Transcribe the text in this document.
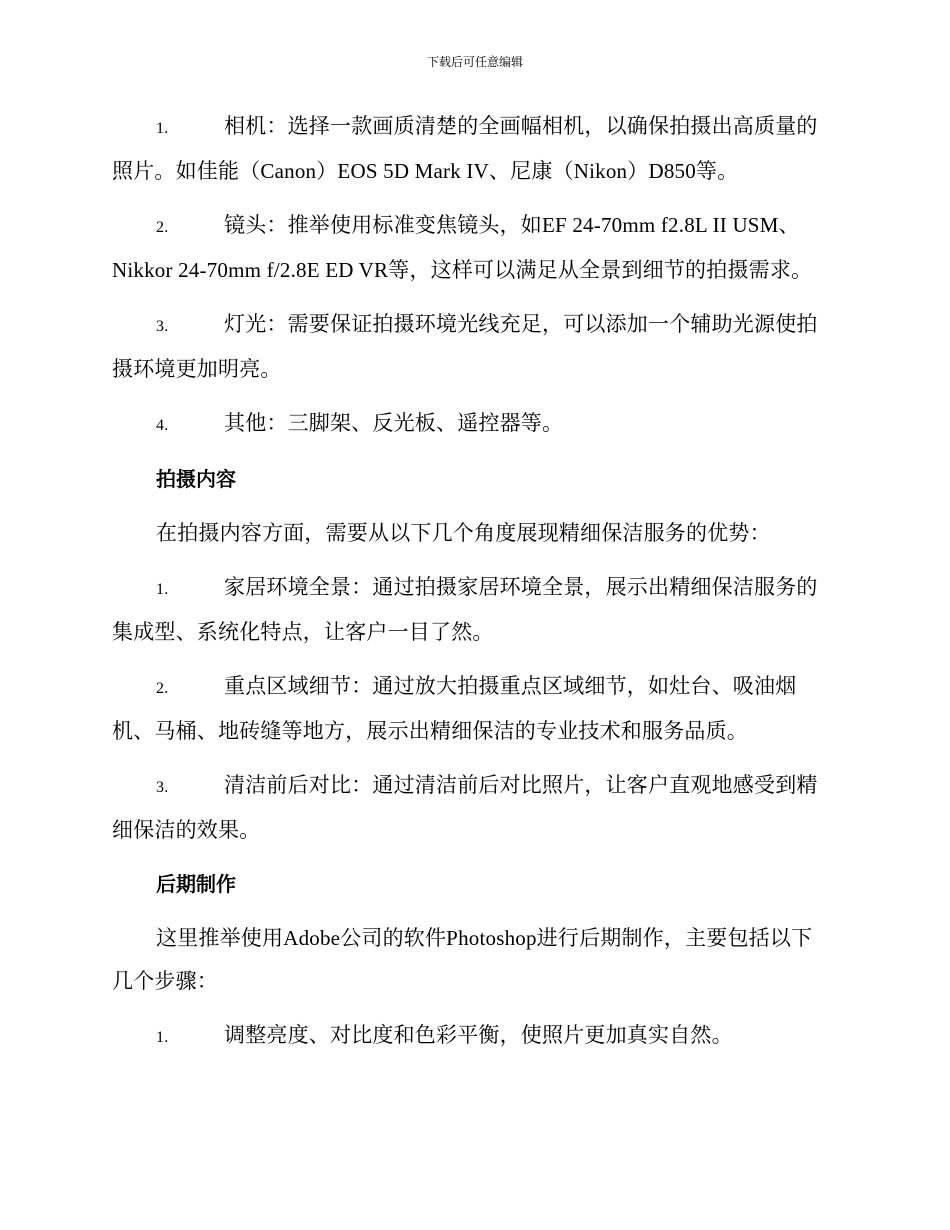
下载后可任意编辑
1.	相机：选择一款画质清楚的全画幅相机，以确保拍摄出高质量的照片。如佳能（Canon）EOS 5D Mark IV、尼康（Nikon）D850等。
2.	镜头：推举使用标准变焦镜头，如EF 24-70mm f2.8L II USM、Nikkor 24-70mm f/2.8E ED VR等，这样可以满足从全景到细节的拍摄需求。
3.	灯光：需要保证拍摄环境光线充足，可以添加一个辅助光源使拍摄环境更加明亮。
4.	其他：三脚架、反光板、遥控器等。
拍摄内容
在拍摄内容方面，需要从以下几个角度展现精细保洁服务的优势：
1.	家居环境全景：通过拍摄家居环境全景，展示出精细保洁服务的集成型、系统化特点，让客户一目了然。
2.	重点区域细节：通过放大拍摄重点区域细节，如灶台、吸油烟机、马桶、地砖缝等地方，展示出精细保洁的专业技术和服务品质。
3.	清洁前后对比：通过清洁前后对比照片，让客户直观地感受到精细保洁的效果。
后期制作
这里推举使用Adobe公司的软件Photoshop进行后期制作，主要包括以下几个步骤：
1.	调整亮度、对比度和色彩平衡，使照片更加真实自然。
